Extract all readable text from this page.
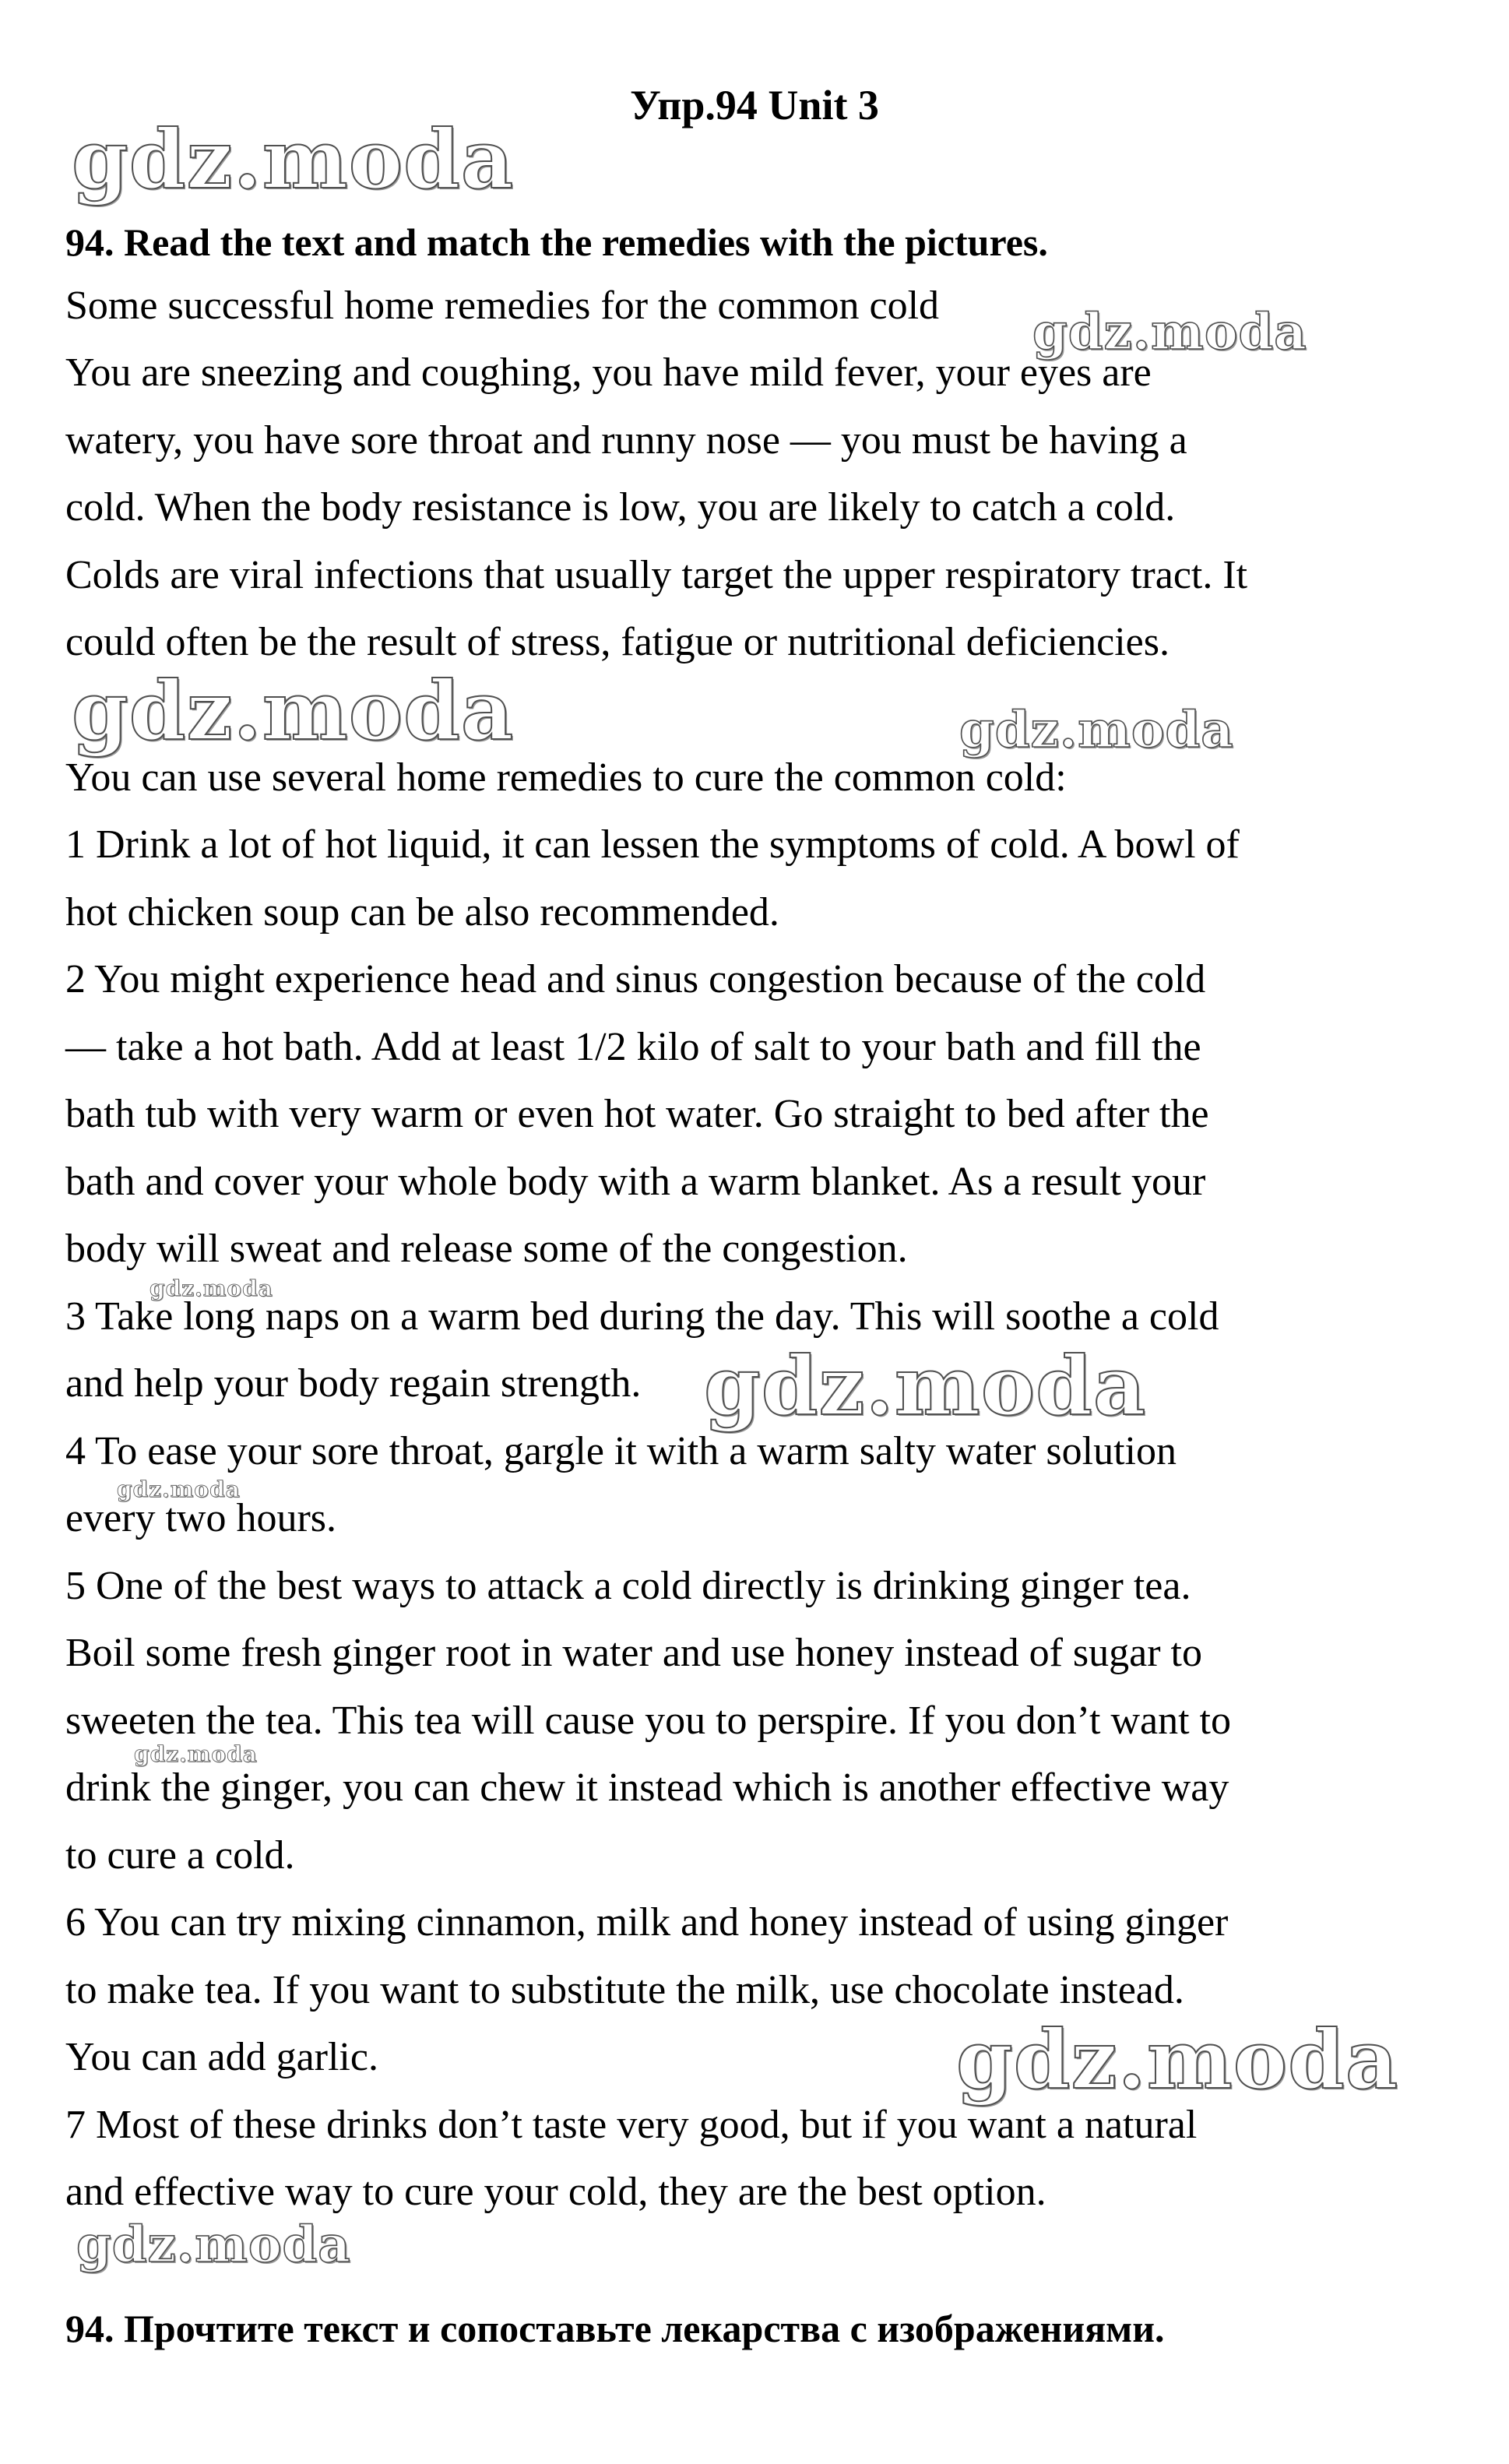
Упр.94 Unit 3
94. Read the text and match the remedies with the pictures.
Some successful home remedies for the common cold
You are sneezing and coughing, you have mild fever, your eyes are
watery, you have sore throat and runny nose — you must be having a
cold. When the body resistance is low, you are likely to catch a cold.
Colds are viral infections that usually target the upper respiratory tract. It
could often be the result of stress, fatigue or nutritional deficiencies.
You can use several home remedies to cure the common cold:
1 Drink a lot of hot liquid, it can lessen the symptoms of cold. A bowl of
hot chicken soup can be also recommended.
2 You might experience head and sinus congestion because of the cold
— take a hot bath. Add at least 1/2 kilo of salt to your bath and fill the
bath tub with very warm or even hot water. Go straight to bed after the
bath and cover your whole body with a warm blanket. As a result your
body will sweat and release some of the congestion.
3 Take long naps on a warm bed during the day. This will soothe a cold
and help your body regain strength.
4 To ease your sore throat, gargle it with a warm salty water solution
every two hours.
5 One of the best ways to attack a cold directly is drinking ginger tea.
Boil some fresh ginger root in water and use honey instead of sugar to
sweeten the tea. This tea will cause you to perspire. If you don’t want to
drink the ginger, you can chew it instead which is another effective way
to cure a cold.
6 You can try mixing cinnamon, milk and honey instead of using ginger
to make tea. If you want to substitute the milk, use chocolate instead.
You can add garlic.
7 Most of these drinks don’t taste very good, but if you want a natural
and effective way to cure your cold, they are the best option.
94. Прочтите текст и сопоставьте лекарства с изображениями.
gdz.moda
gdz.moda
gdz.moda	gdz.moda
gdz.moda
gdz.moda
gdz.moda
gdz.moda
gdz.moda
gdz.moda
